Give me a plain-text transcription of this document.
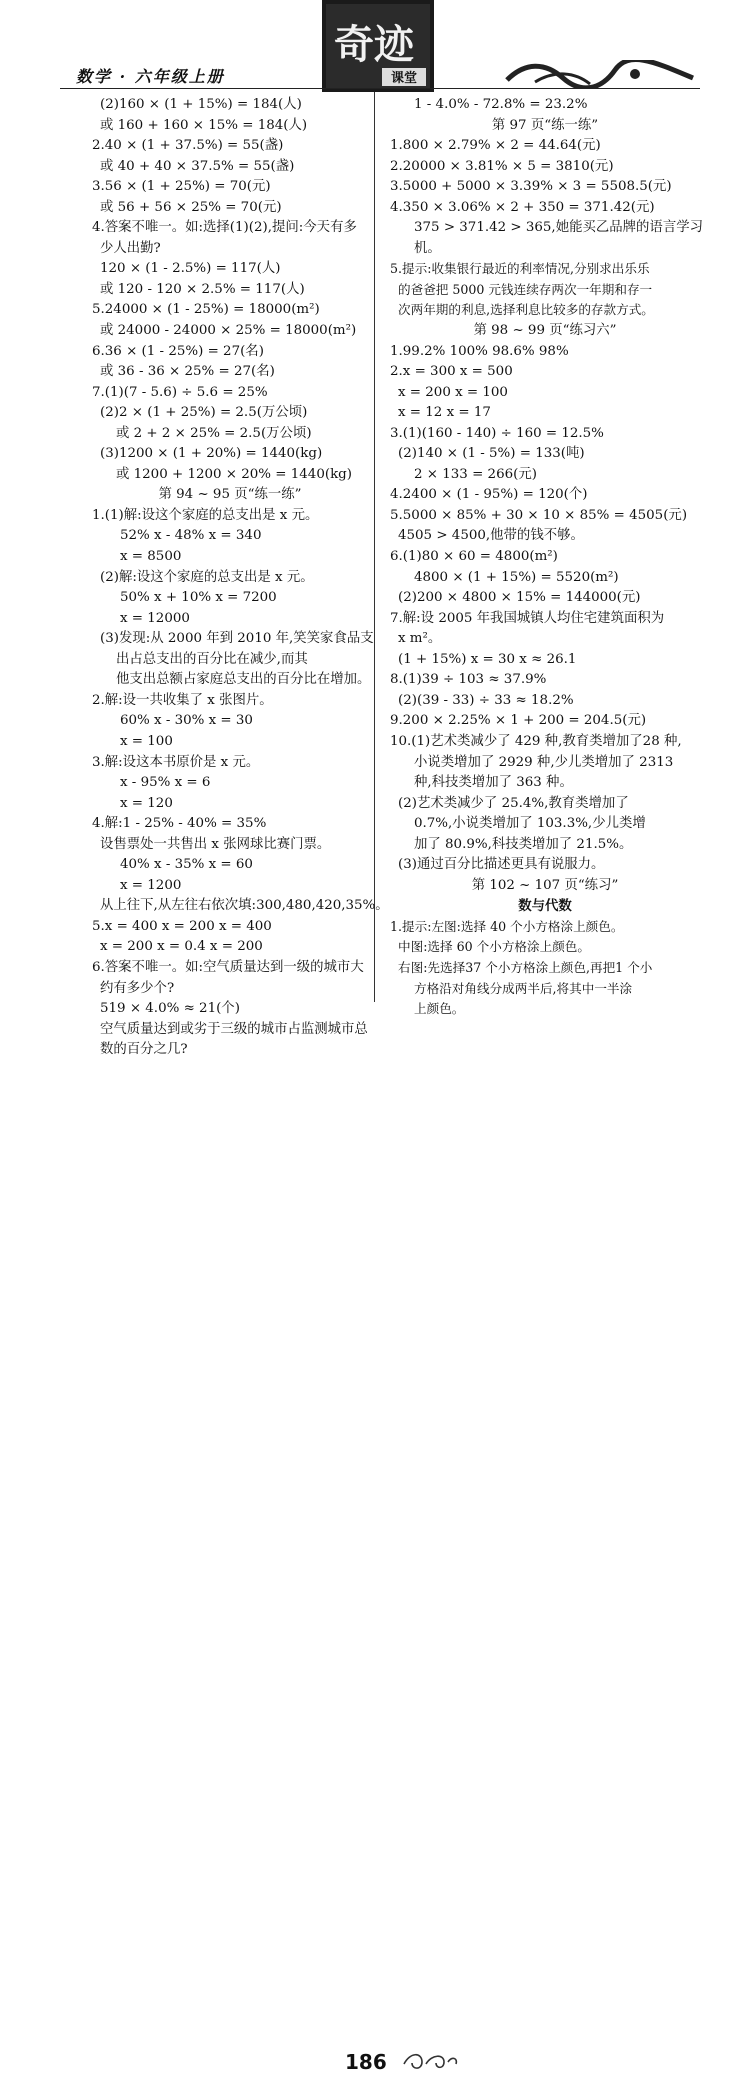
数学 · 六年级上册
奇迹
课堂
(2)160 × (1 + 15%) = 184(人)
或 160 + 160 × 15% = 184(人)
2.40 × (1 + 37.5%) = 55(盏)
或 40 + 40 × 37.5% = 55(盏)
3.56 × (1 + 25%) = 70(元)
或 56 + 56 × 25% = 70(元)
4.答案不唯一。如:选择(1)(2),提问:今天有多
少人出勤?
120 × (1 - 2.5%) = 117(人)
或 120 - 120 × 2.5% = 117(人)
5.24000 × (1 - 25%) = 18000(m²)
或 24000 - 24000 × 25% = 18000(m²)
6.36 × (1 - 25%) = 27(名)
或 36 - 36 × 25% = 27(名)
7.(1)(7 - 5.6) ÷ 5.6 = 25%
(2)2 × (1 + 25%) = 2.5(万公顷)
或 2 + 2 × 25% = 2.5(万公顷)
(3)1200 × (1 + 20%) = 1440(kg)
或 1200 + 1200 × 20% = 1440(kg)
第 94 ~ 95 页“练一练”
1.(1)解:设这个家庭的总支出是 x 元。
52% x - 48% x = 340
x = 8500
(2)解:设这个家庭的总支出是 x 元。
50% x + 10% x = 7200
x = 12000
(3)发现:从 2000 年到 2010 年,笑笑家食品支
出占总支出的百分比在减少,而其
他支出总额占家庭总支出的百分比在增加。
2.解:设一共收集了 x 张图片。
60% x - 30% x = 30
x = 100
3.解:设这本书原价是 x 元。
x - 95% x = 6
x = 120
4.解:1 - 25% - 40% = 35%
设售票处一共售出 x 张网球比赛门票。
40% x - 35% x = 60
x = 1200
从上往下,从左往右依次填:300,480,420,35%。
5.x = 400 x = 200 x = 400
x = 200 x = 0.4 x = 200
6.答案不唯一。如:空气质量达到一级的城市大
约有多少个?
519 × 4.0% ≈ 21(个)
空气质量达到或劣于三级的城市占监测城市总
数的百分之几?
1 - 4.0% - 72.8% = 23.2%
第 97 页“练一练”
1.800 × 2.79% × 2 = 44.64(元)
2.20000 × 3.81% × 5 = 3810(元)
3.5000 + 5000 × 3.39% × 3 = 5508.5(元)
4.350 × 3.06% × 2 + 350 = 371.42(元)
375 > 371.42 > 365,她能买乙品牌的语言学习
机。
5.提示:收集银行最近的利率情况,分别求出乐乐
的爸爸把 5000 元钱连续存两次一年期和存一
次两年期的利息,选择利息比较多的存款方式。
第 98 ~ 99 页“练习六”
1.99.2% 100% 98.6% 98%
2.x = 300 x = 500
x = 200 x = 100
x = 12 x = 17
3.(1)(160 - 140) ÷ 160 = 12.5%
(2)140 × (1 - 5%) = 133(吨)
2 × 133 = 266(元)
4.2400 × (1 - 95%) = 120(个)
5.5000 × 85% + 30 × 10 × 85% = 4505(元)
4505 > 4500,他带的钱不够。
6.(1)80 × 60 = 4800(m²)
4800 × (1 + 15%) = 5520(m²)
(2)200 × 4800 × 15% = 144000(元)
7.解:设 2005 年我国城镇人均住宅建筑面积为
x m²。
(1 + 15%) x = 30 x ≈ 26.1
8.(1)39 ÷ 103 ≈ 37.9%
(2)(39 - 33) ÷ 33 ≈ 18.2%
9.200 × 2.25% × 1 + 200 = 204.5(元)
10.(1)艺术类减少了 429 种,教育类增加了28 种,
小说类增加了 2929 种,少儿类增加了 2313
种,科技类增加了 363 种。
(2)艺术类减少了 25.4%,教育类增加了
0.7%,小说类增加了 103.3%,少儿类增
加了 80.9%,科技类增加了 21.5%。
(3)通过百分比描述更具有说服力。
第 102 ~ 107 页“练习”
数与代数
1.提示:左图:选择 40 个小方格涂上颜色。
中图:选择 60 个小方格涂上颜色。
右图:先选择37 个小方格涂上颜色,再把1 个小
方格沿对角线分成两半后,将其中一半涂
上颜色。
186
